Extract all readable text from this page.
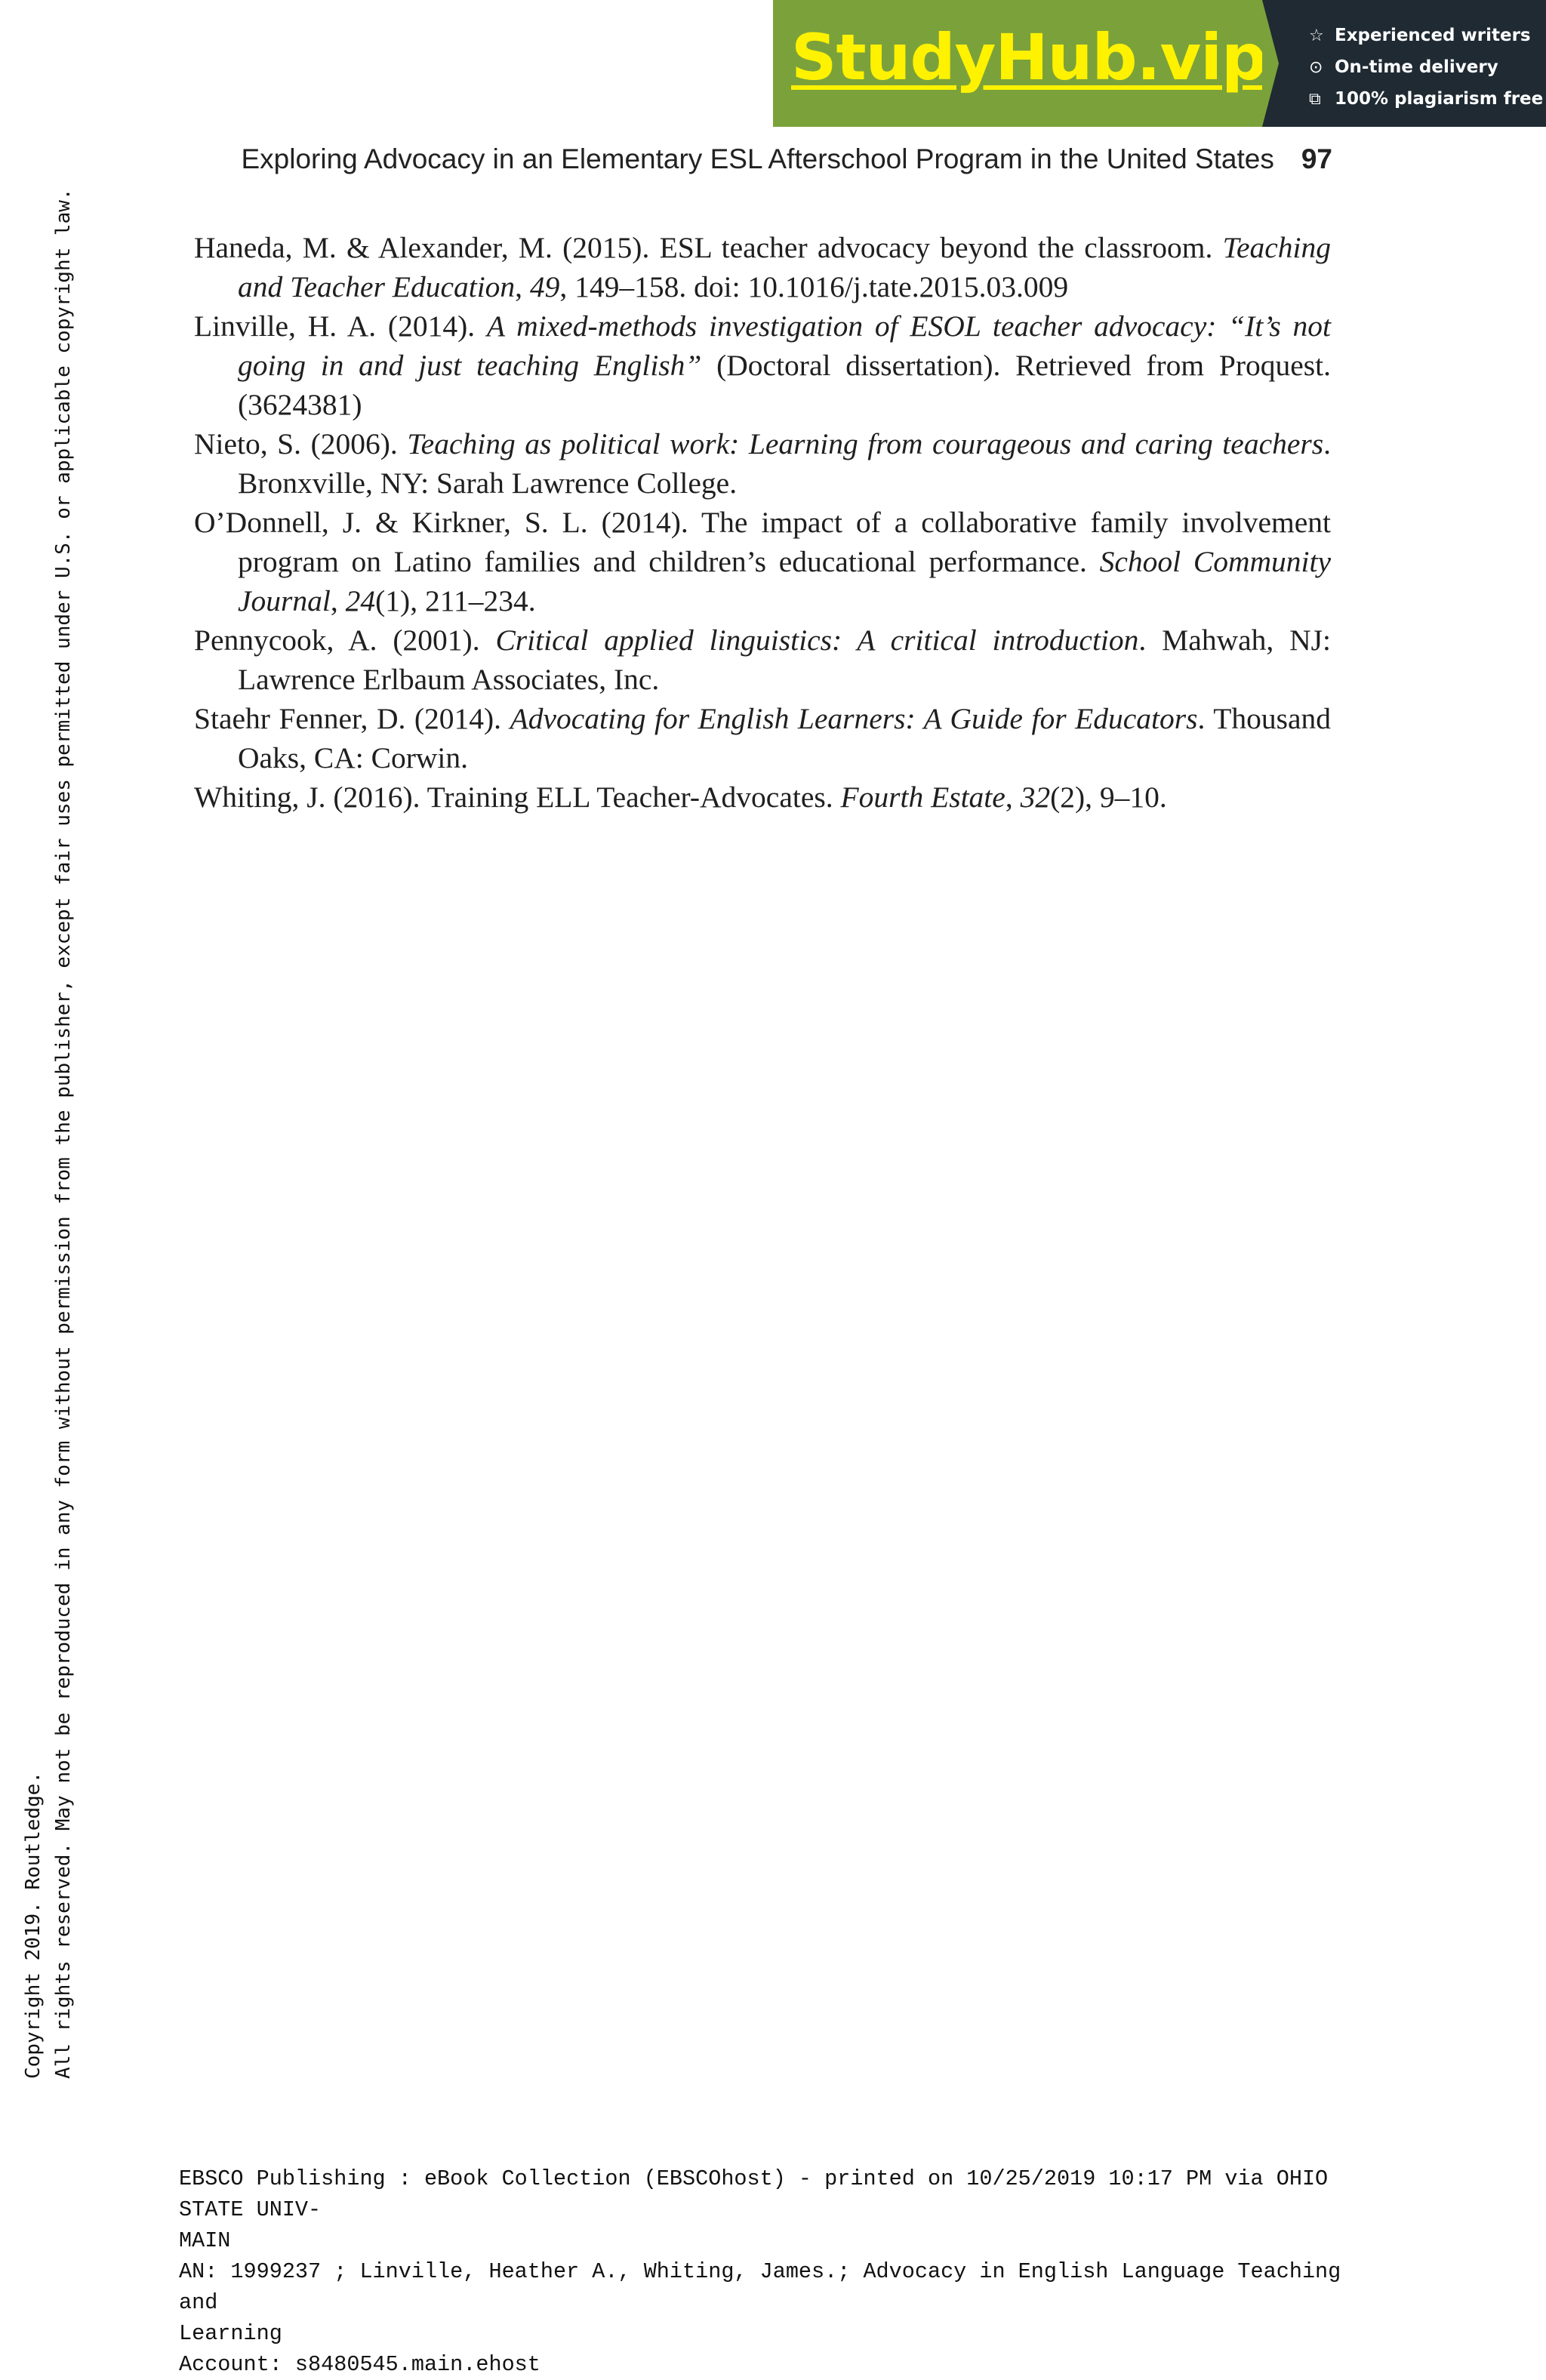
StudyHub.vip	☆ Experienced writers
⊙ On-time delivery
⧉ 100% plagiarism free
Exploring Advocacy in an Elementary ESL Afterschool Program in the United States 97
Haneda, M. & Alexander, M. (2015). ESL teacher advocacy beyond the classroom. Teaching and Teacher Education, 49, 149–158. doi: 10.1016/j.tate.2015.03.009
Linville, H. A. (2014). A mixed-methods investigation of ESOL teacher advocacy: “It’s not going in and just teaching English” (Doctoral dissertation). Retrieved from Proquest. (3624381)
Nieto, S. (2006). Teaching as political work: Learning from courageous and caring teachers. Bronxville, NY: Sarah Lawrence College.
O’Donnell, J. & Kirkner, S. L. (2014). The impact of a collaborative family involvement program on Latino families and children’s educational performance. School Community Journal, 24(1), 211–234.
Pennycook, A. (2001). Critical applied linguistics: A critical introduction. Mahwah, NJ: Lawrence Erlbaum Associates, Inc.
Staehr Fenner, D. (2014). Advocating for English Learners: A Guide for Educators. Thousand Oaks, CA: Corwin.
Whiting, J. (2016). Training ELL Teacher-Advocates. Fourth Estate, 32(2), 9–10.
Copyright 2019. Routledge. All rights reserved. May not be reproduced in any form without permission from the publisher, except fair uses permitted under U.S. or applicable copyright law.
EBSCO Publishing : eBook Collection (EBSCOhost) - printed on 10/25/2019 10:17 PM via OHIO STATE UNIV-
MAIN
AN: 1999237 ; Linville, Heather A., Whiting, James.; Advocacy in English Language Teaching and
Learning
Account: s8480545.main.ehost
